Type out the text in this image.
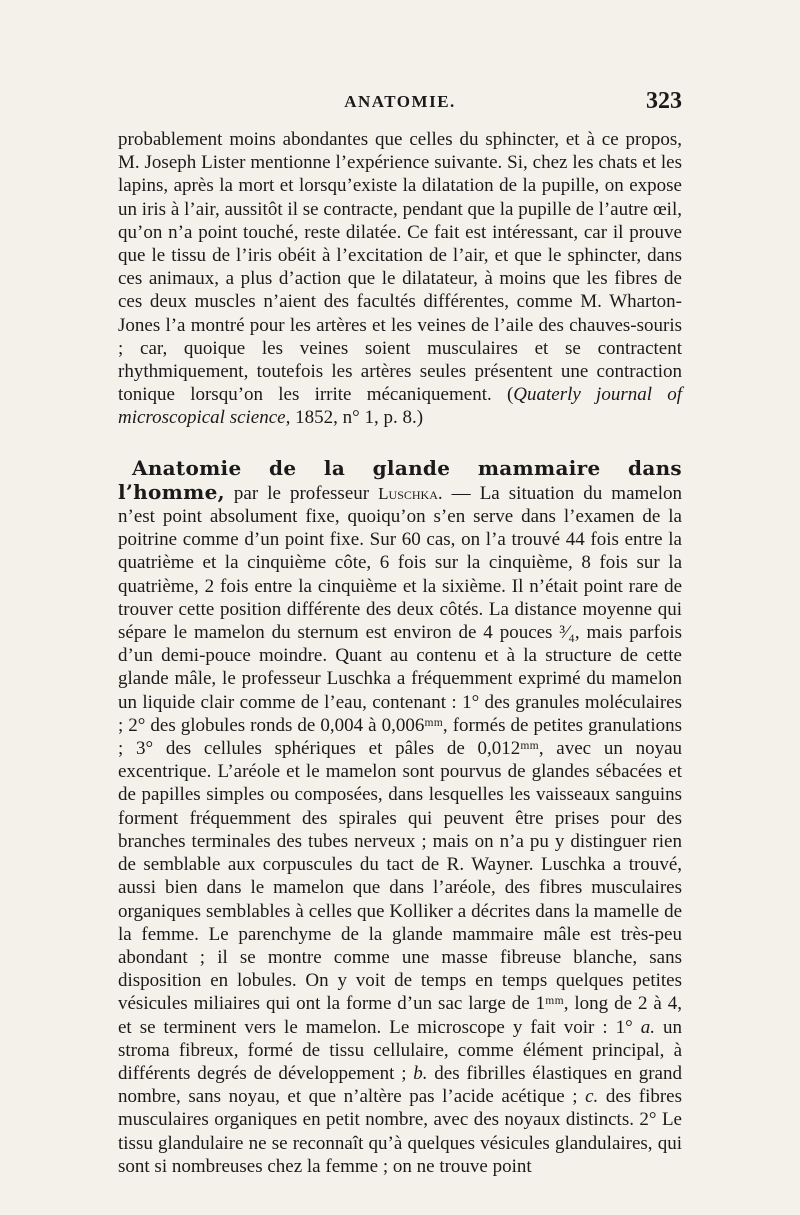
ANATOMIE.	323

probablement moins abondantes que celles du sphincter, et à ce propos, M. Joseph Lister mentionne l’expérience suivante. Si, chez les chats et les lapins, après la mort et lorsqu’existe la dilatation de la pupille, on expose un iris à l’air, aussitôt il se contracte, pendant que la pupille de l’autre œil, qu’on n’a point touché, reste dilatée. Ce fait est intéressant, car il prouve que le tissu de l’iris obéit à l’excitation de l’air, et que le sphincter, dans ces animaux, a plus d’action que le dilatateur, à moins que les fibres de ces deux muscles n’aient des facultés différentes, comme M. Wharton-Jones l’a montré pour les artères et les veines de l’aile des chauves-souris ; car, quoique les veines soient musculaires et se contractent rhythmiquement, toutefois les artères seules présentent une contraction tonique lorsqu’on les irrite mécaniquement. (Quaterly journal of microscopical science, 1852, n° 1, p. 8.)

Anatomie de la glande mammaire dans l’homme, par le professeur Luschka. — La situation du mamelon n’est point absolument fixe, quoiqu’on s’en serve dans l’examen de la poitrine comme d’un point fixe. Sur 60 cas, on l’a trouvé 44 fois entre la quatrième et la cinquième côte, 6 fois sur la cinquième, 8 fois sur la quatrième, 2 fois entre la cinquième et la sixième. Il n’était point rare de trouver cette position différente des deux côtés. La distance moyenne qui sépare le mamelon du sternum est environ de 4 pouces ³⁄₄, mais parfois d’un demi-pouce moindre. Quant au contenu et à la structure de cette glande mâle, le professeur Luschka a fréquemment exprimé du mamelon un liquide clair comme de l’eau, contenant : 1° des granules moléculaires ; 2° des globules ronds de 0,004 à 0,006ᵐᵐ, formés de petites granulations ; 3° des cellules sphériques et pâles de 0,012ᵐᵐ, avec un noyau excentrique. L’aréole et le mamelon sont pourvus de glandes sébacées et de papilles simples ou composées, dans lesquelles les vaisseaux sanguins forment fréquemment des spirales qui peuvent être prises pour des branches terminales des tubes nerveux ; mais on n’a pu y distinguer rien de semblable aux corpuscules du tact de R. Wayner. Luschka a trouvé, aussi bien dans le mamelon que dans l’aréole, des fibres musculaires organiques semblables à celles que Kolliker a décrites dans la mamelle de la femme. Le parenchyme de la glande mammaire mâle est très-peu abondant ; il se montre comme une masse fibreuse blanche, sans disposition en lobules. On y voit de temps en temps quelques petites vésicules miliaires qui ont la forme d’un sac large de 1ᵐᵐ, long de 2 à 4, et se terminent vers le mamelon. Le microscope y fait voir : 1° a. un stroma fibreux, formé de tissu cellulaire, comme élément principal, à différents degrés de développement ; b. des fibrilles élastiques en grand nombre, sans noyau, et que n’altère pas l’acide acétique ; c. des fibres musculaires organiques en petit nombre, avec des noyaux distincts. 2° Le tissu glandulaire ne se reconnaît qu’à quelques vésicules glandulaires, qui sont si nombreuses chez la femme ; on ne trouve point
